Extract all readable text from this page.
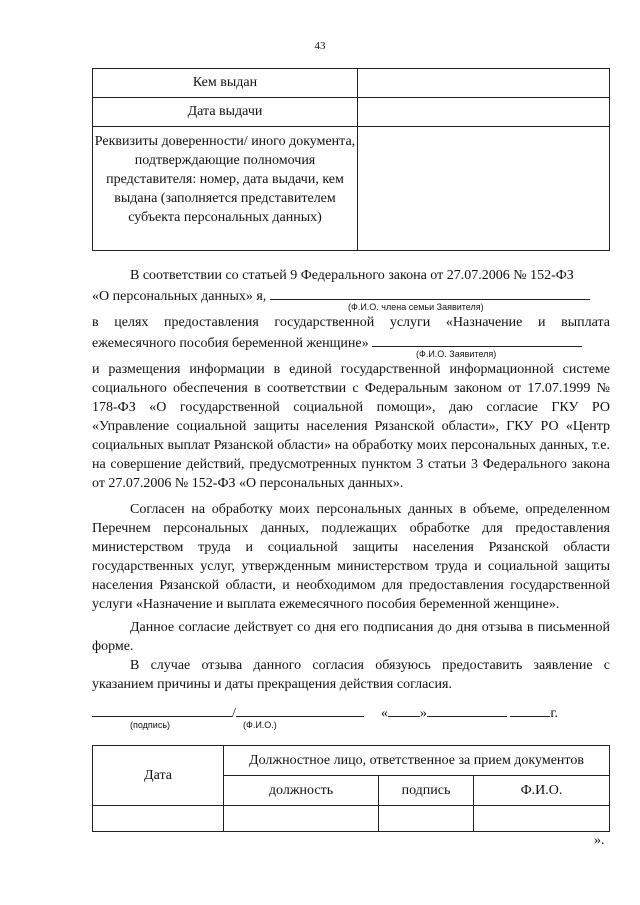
43
Кем выдан	
Дата выдачи	
Реквизиты доверенности/ иного документа, подтверждающие полномочия представителя: номер, дата выдачи, кем выдана (заполняется представителем субъекта персональных данных)	
В соответствии со статьей 9 Федерального закона от 27.07.2006 № 152-ФЗ
«О персональных данных» я,
(Ф.И.О. члена семьи Заявителя)
в целях предоставления государственной услуги «Назначение и выплата ежемесячного пособия беременной женщине»
(Ф.И.О. Заявителя)
и размещения информации в единой государственной информационной системе социального обеспечения в соответствии с Федеральным законом от 17.07.1999 № 178-ФЗ «О государственной социальной помощи», даю согласие ГКУ РО «Управление социальной защиты населения Рязанской области», ГКУ РО «Центр социальных выплат Рязанской области» на обработку моих персональных данных, т.е. на совершение действий, предусмотренных пунктом 3 статьи 3 Федерального закона от 27.07.2006 № 152-ФЗ «О персональных данных».
Согласен на обработку моих персональных данных в объеме, определенном Перечнем персональных данных, подлежащих обработке для предоставления министерством труда и социальной защиты населения Рязанской области государственных услуг, утвержденным министерством труда и социальной защиты населения Рязанской области, и необходимом для предоставления государственной услуги «Назначение и выплата ежемесячного пособия беременной женщине».
Данное согласие действует со дня его подписания до дня отзыва в письменной форме.
В случае отзыва данного согласия обязуюсь предоставить заявление с указанием причины и даты прекращения действия согласия.
/	« »	г.
(подпись)	(Ф.И.О.)
Дата	Должностное лицо, ответственное за прием документов		
	должность	подпись	Ф.И.О.

».
